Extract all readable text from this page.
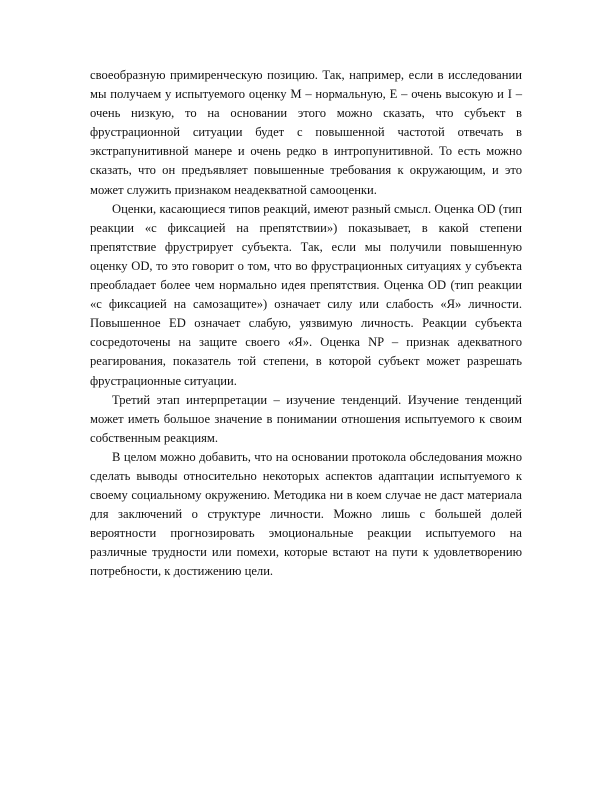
своеобразную примиренческую позицию. Так, например, если в исследовании мы получаем у испытуемого оценку М – нормальную, Е – очень высокую и I – очень низкую, то на основании этого можно сказать, что субъект в фрустрационной ситуации будет с повышенной частотой отвечать в экстрапунитивной манере и очень редко в интропунитивной. То есть можно сказать, что он предъявляет повышенные требования к окружающим, и это может служить признаком неадекватной самооценки.

Оценки, касающиеся типов реакций, имеют разный смысл. Оценка OD (тип реакции «с фиксацией на препятствии») показывает, в какой степени препятствие фрустрирует субъекта. Так, если мы получили повышенную оценку OD, то это говорит о том, что во фрустрационных ситуациях у субъекта преобладает более чем нормально идея препятствия. Оценка OD (тип реакции «с фиксацией на самозащите») означает силу или слабость «Я» личности. Повышенное ED означает слабую, уязвимую личность. Реакции субъекта сосредоточены на защите своего «Я». Оценка NP – признак адекватного реагирования, показатель той степени, в которой субъект может разрешать фрустрационные ситуации.

Третий этап интерпретации – изучение тенденций. Изучение тенденций может иметь большое значение в понимании отношения испытуемого к своим собственным реакциям.

В целом можно добавить, что на основании протокола обследования можно сделать выводы относительно некоторых аспектов адаптации испытуемого к своему социальному окружению. Методика ни в коем случае не даст материала для заключений о структуре личности. Можно лишь с большей долей вероятности прогнозировать эмоциональные реакции испытуемого на различные трудности или помехи, которые встают на пути к удовлетворению потребности, к достижению цели.
